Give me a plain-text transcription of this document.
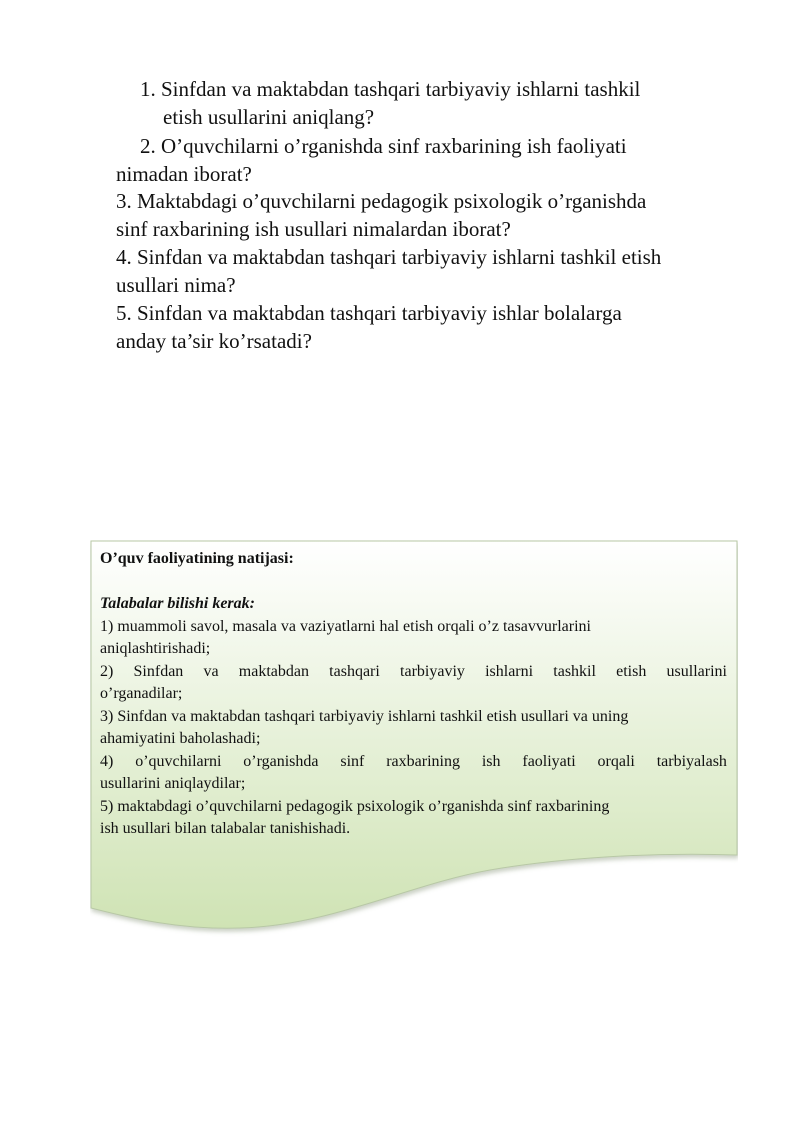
1. Sinfdan va maktabdan tashqari tarbiyaviy ishlarni tashkil
etish usullarini aniqlang?
2. O’quvchilarni o’rganishda sinf raxbarining ish faoliyati
nimadan iborat?
3. Maktabdagi o’quvchilarni pedagogik psixologik o’rganishda
sinf raxbarining ish usullari nimalardan iborat?
4. Sinfdan va maktabdan tashqari tarbiyaviy ishlarni tashkil etish
usullari nima?
5. Sinfdan va maktabdan tashqari tarbiyaviy ishlar bolalarga
anday ta’sir ko’rsatadi?
O’quv faoliyatining natijasi:
Talabalar bilishi kerak:
1) muammoli savol, masala va vaziyatlarni hal etish orqali o’z tasavvurlarini
aniqlashtirishadi;
2) Sinfdan va maktabdan tashqari tarbiyaviy ishlarni tashkil etish usullarini
o’rganadilar;
3) Sinfdan va maktabdan tashqari tarbiyaviy ishlarni tashkil etish usullari va uning
ahamiyatini baholashadi;
4) o’quvchilarni o’rganishda sinf raxbarining ish faoliyati orqali tarbiyalash
usullarini aniqlaydilar;
5) maktabdagi o’quvchilarni pedagogik psixologik o’rganishda sinf raxbarining
ish usullari bilan talabalar tanishishadi.
